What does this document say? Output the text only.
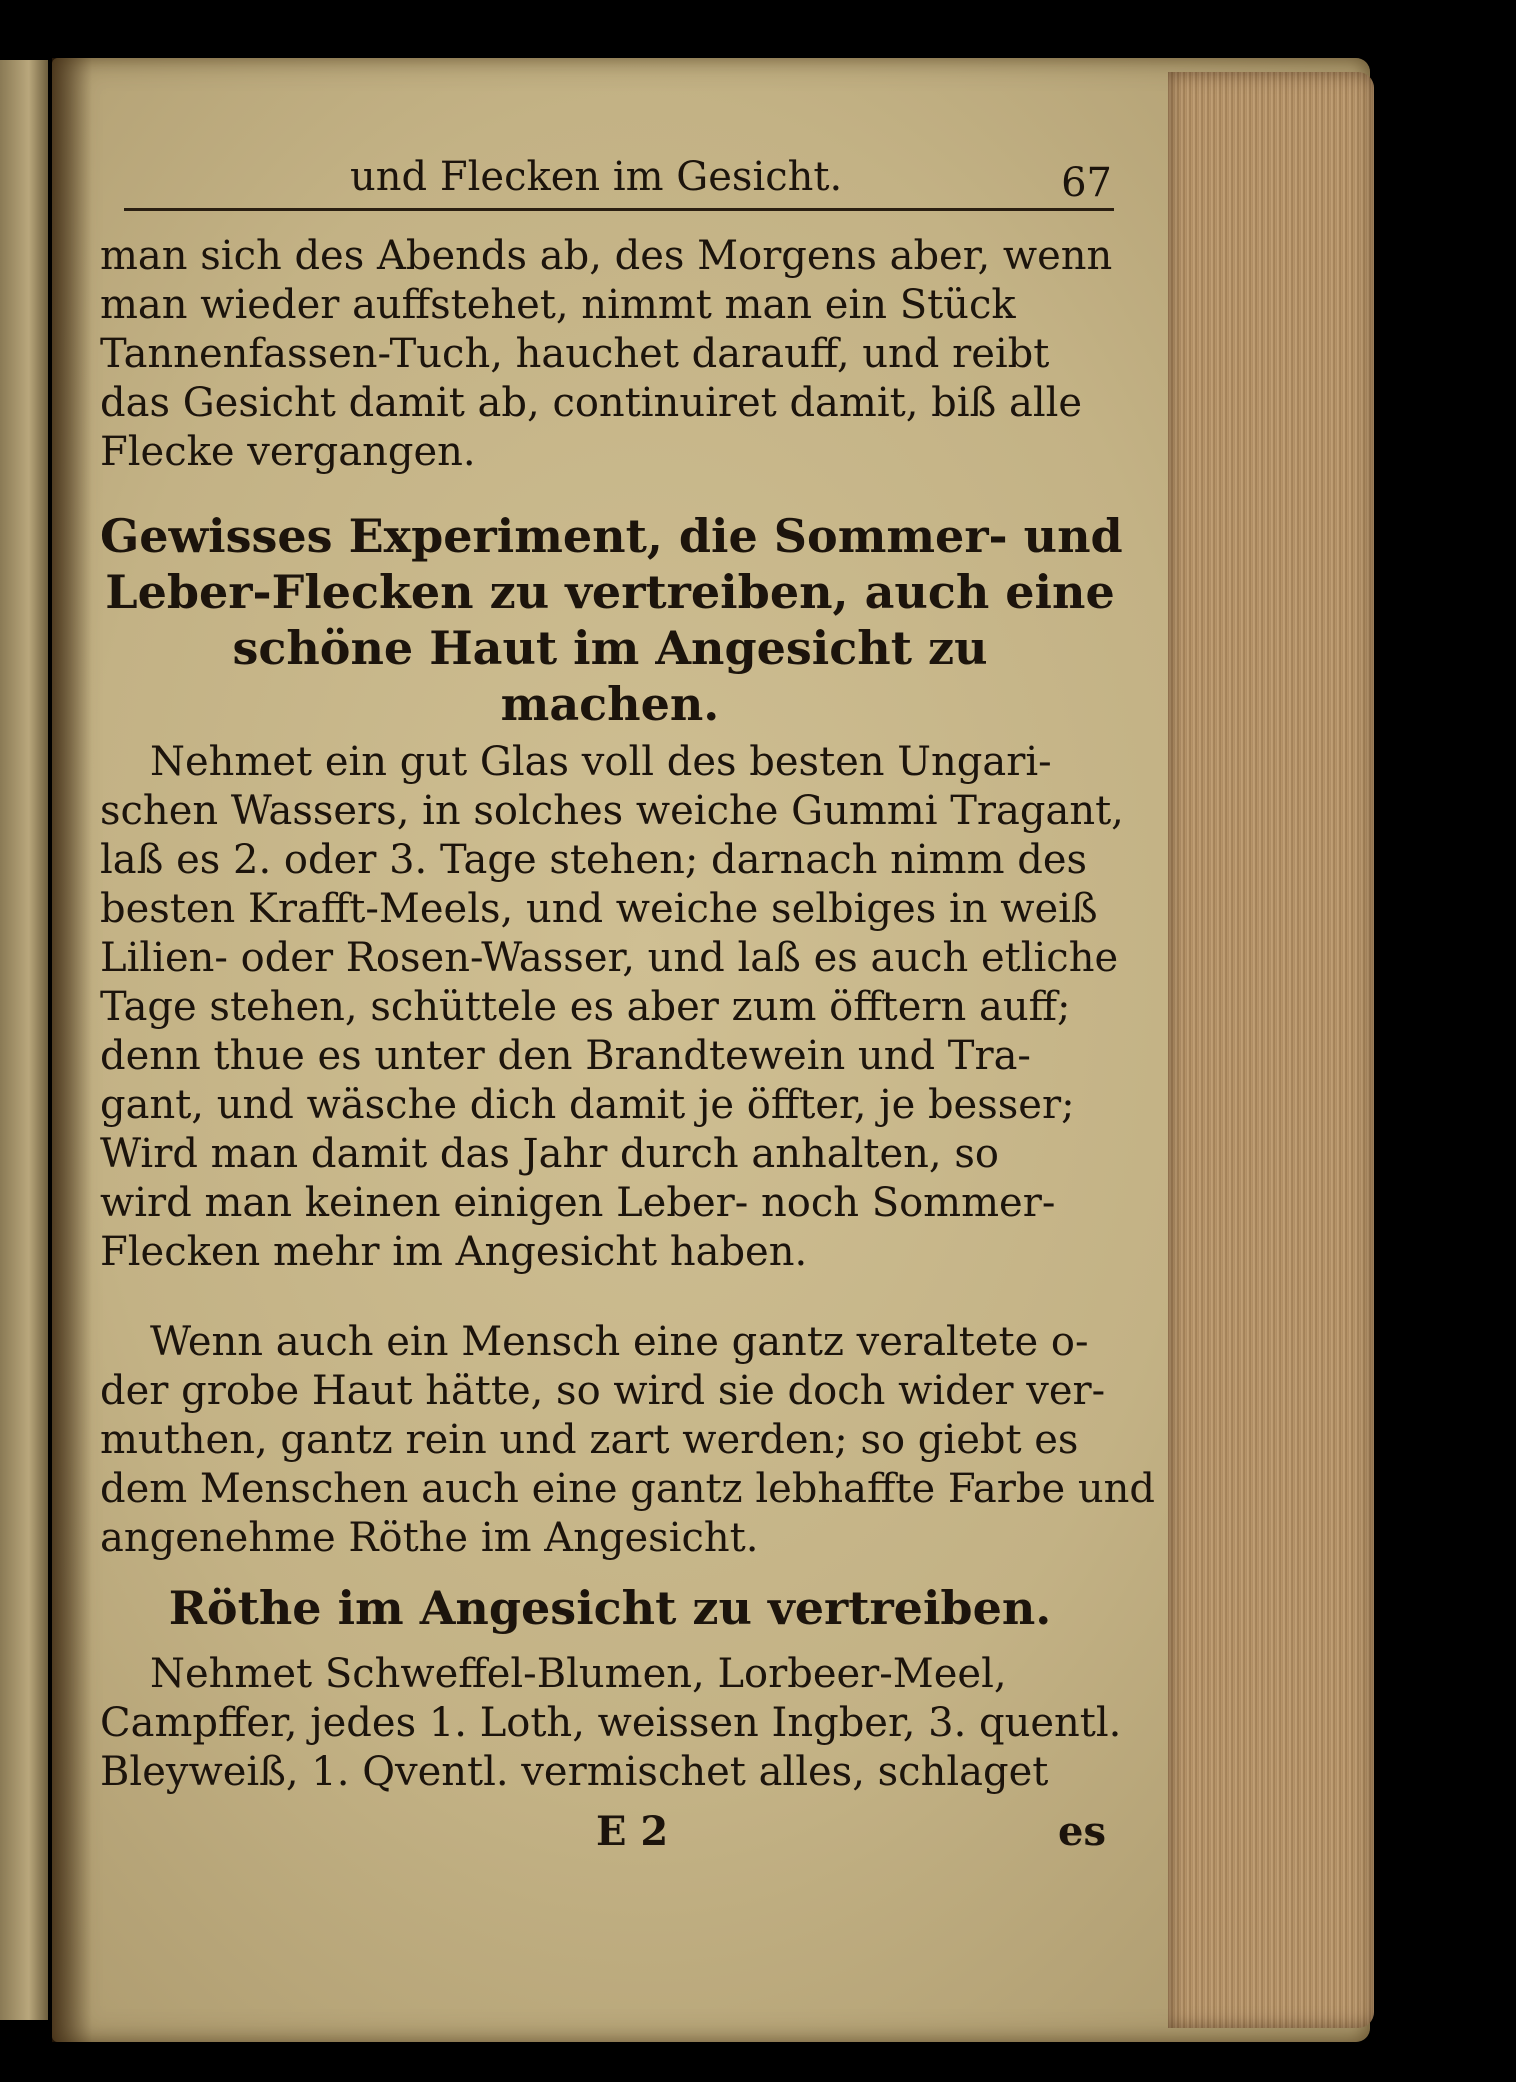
und Flecken im Gesicht.	67
man sich des Abends ab, des Morgens aber, wenn
man wieder auffstehet, nimmt man ein Stück
Tannenfassen-Tuch, hauchet darauff, und reibt
das Gesicht damit ab, continuiret damit, biß alle
Flecke vergangen.
Gewisses Experiment, die Sommer- und
Leber-Flecken zu vertreiben, auch eine
schöne Haut im Angesicht zu
machen.
Nehmet ein gut Glas voll des besten Ungari-
schen Wassers, in solches weiche Gummi Tragant,
laß es 2. oder 3. Tage stehen; darnach nimm des
besten Krafft-Meels, und weiche selbiges in weiß
Lilien- oder Rosen-Wasser, und laß es auch etliche
Tage stehen, schüttele es aber zum öfftern auff;
denn thue es unter den Brandtewein und Tra-
gant, und wäsche dich damit je öffter, je besser;
Wird man damit das Jahr durch anhalten, so
wird man keinen einigen Leber- noch Sommer-
Flecken mehr im Angesicht haben.
Wenn auch ein Mensch eine gantz veraltete o-
der grobe Haut hätte, so wird sie doch wider ver-
muthen, gantz rein und zart werden; so giebt es
dem Menschen auch eine gantz lebhaffte Farbe und
angenehme Röthe im Angesicht.
Röthe im Angesicht zu vertreiben.
Nehmet Schweffel-Blumen, Lorbeer-Meel,
Campffer, jedes 1. Loth, weissen Ingber, 3. quentl.
Bleyweiß, 1. Qventl. vermischet alles, schlaget
E 2	es
